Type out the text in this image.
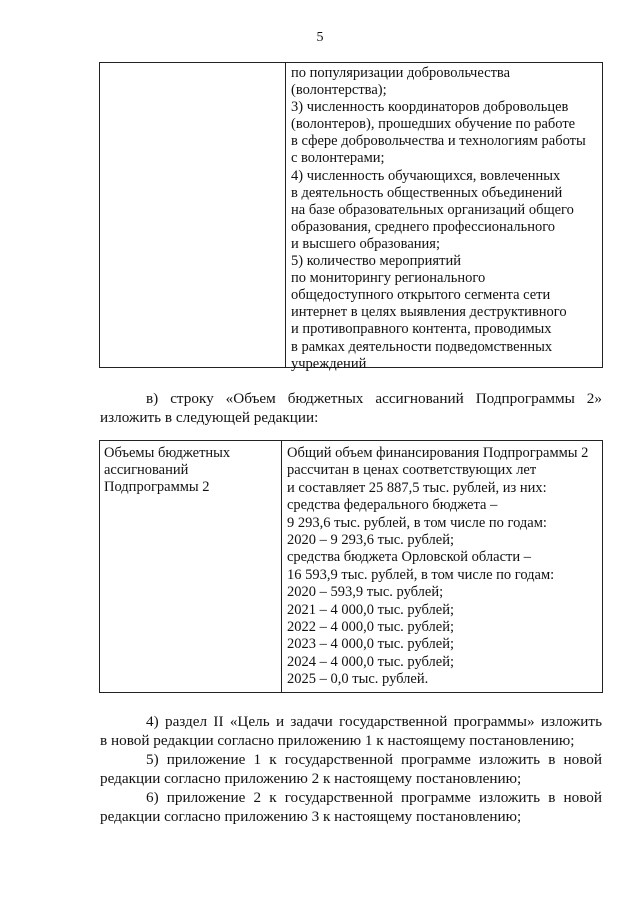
5
по популяризации добровольчества
(волонтерства);
3) численность координаторов добровольцев
(волонтеров), прошедших обучение по работе
в сфере добровольчества и технологиям работы
с волонтерами;
4) численность обучающихся, вовлеченных
в деятельность общественных объединений
на базе образовательных организаций общего
образования, среднего профессионального
и высшего образования;
5) количество мероприятий
по мониторингу регионального
общедоступного открытого сегмента сети
интернет в целях выявления деструктивного
и противоправного контента, проводимых
в рамках деятельности подведомственных
учреждений
в) строку «Объем бюджетных ассигнований Подпрограммы 2»
изложить в следующей редакции:
Объемы бюджетных
ассигнований
Подпрограммы 2
Общий объем финансирования Подпрограммы 2
рассчитан в ценах соответствующих лет
и составляет 25 887,5 тыс. рублей, из них:
средства федерального бюджета –
9 293,6 тыс. рублей, в том числе по годам:
2020 – 9 293,6 тыс. рублей;
средства бюджета Орловской области –
16 593,9 тыс. рублей, в том числе по годам:
2020 – 593,9 тыс. рублей;
2021 – 4 000,0 тыс. рублей;
2022 – 4 000,0 тыс. рублей;
2023 – 4 000,0 тыс. рублей;
2024 – 4 000,0 тыс. рублей;
2025 – 0,0 тыс. рублей.
4) раздел II «Цель и задачи государственной программы» изложить
в новой редакции согласно приложению 1 к настоящему постановлению;
5) приложение 1 к государственной программе изложить в новой
редакции согласно приложению 2 к настоящему постановлению;
6) приложение 2 к государственной программе изложить в новой
редакции согласно приложению 3 к настоящему постановлению;
